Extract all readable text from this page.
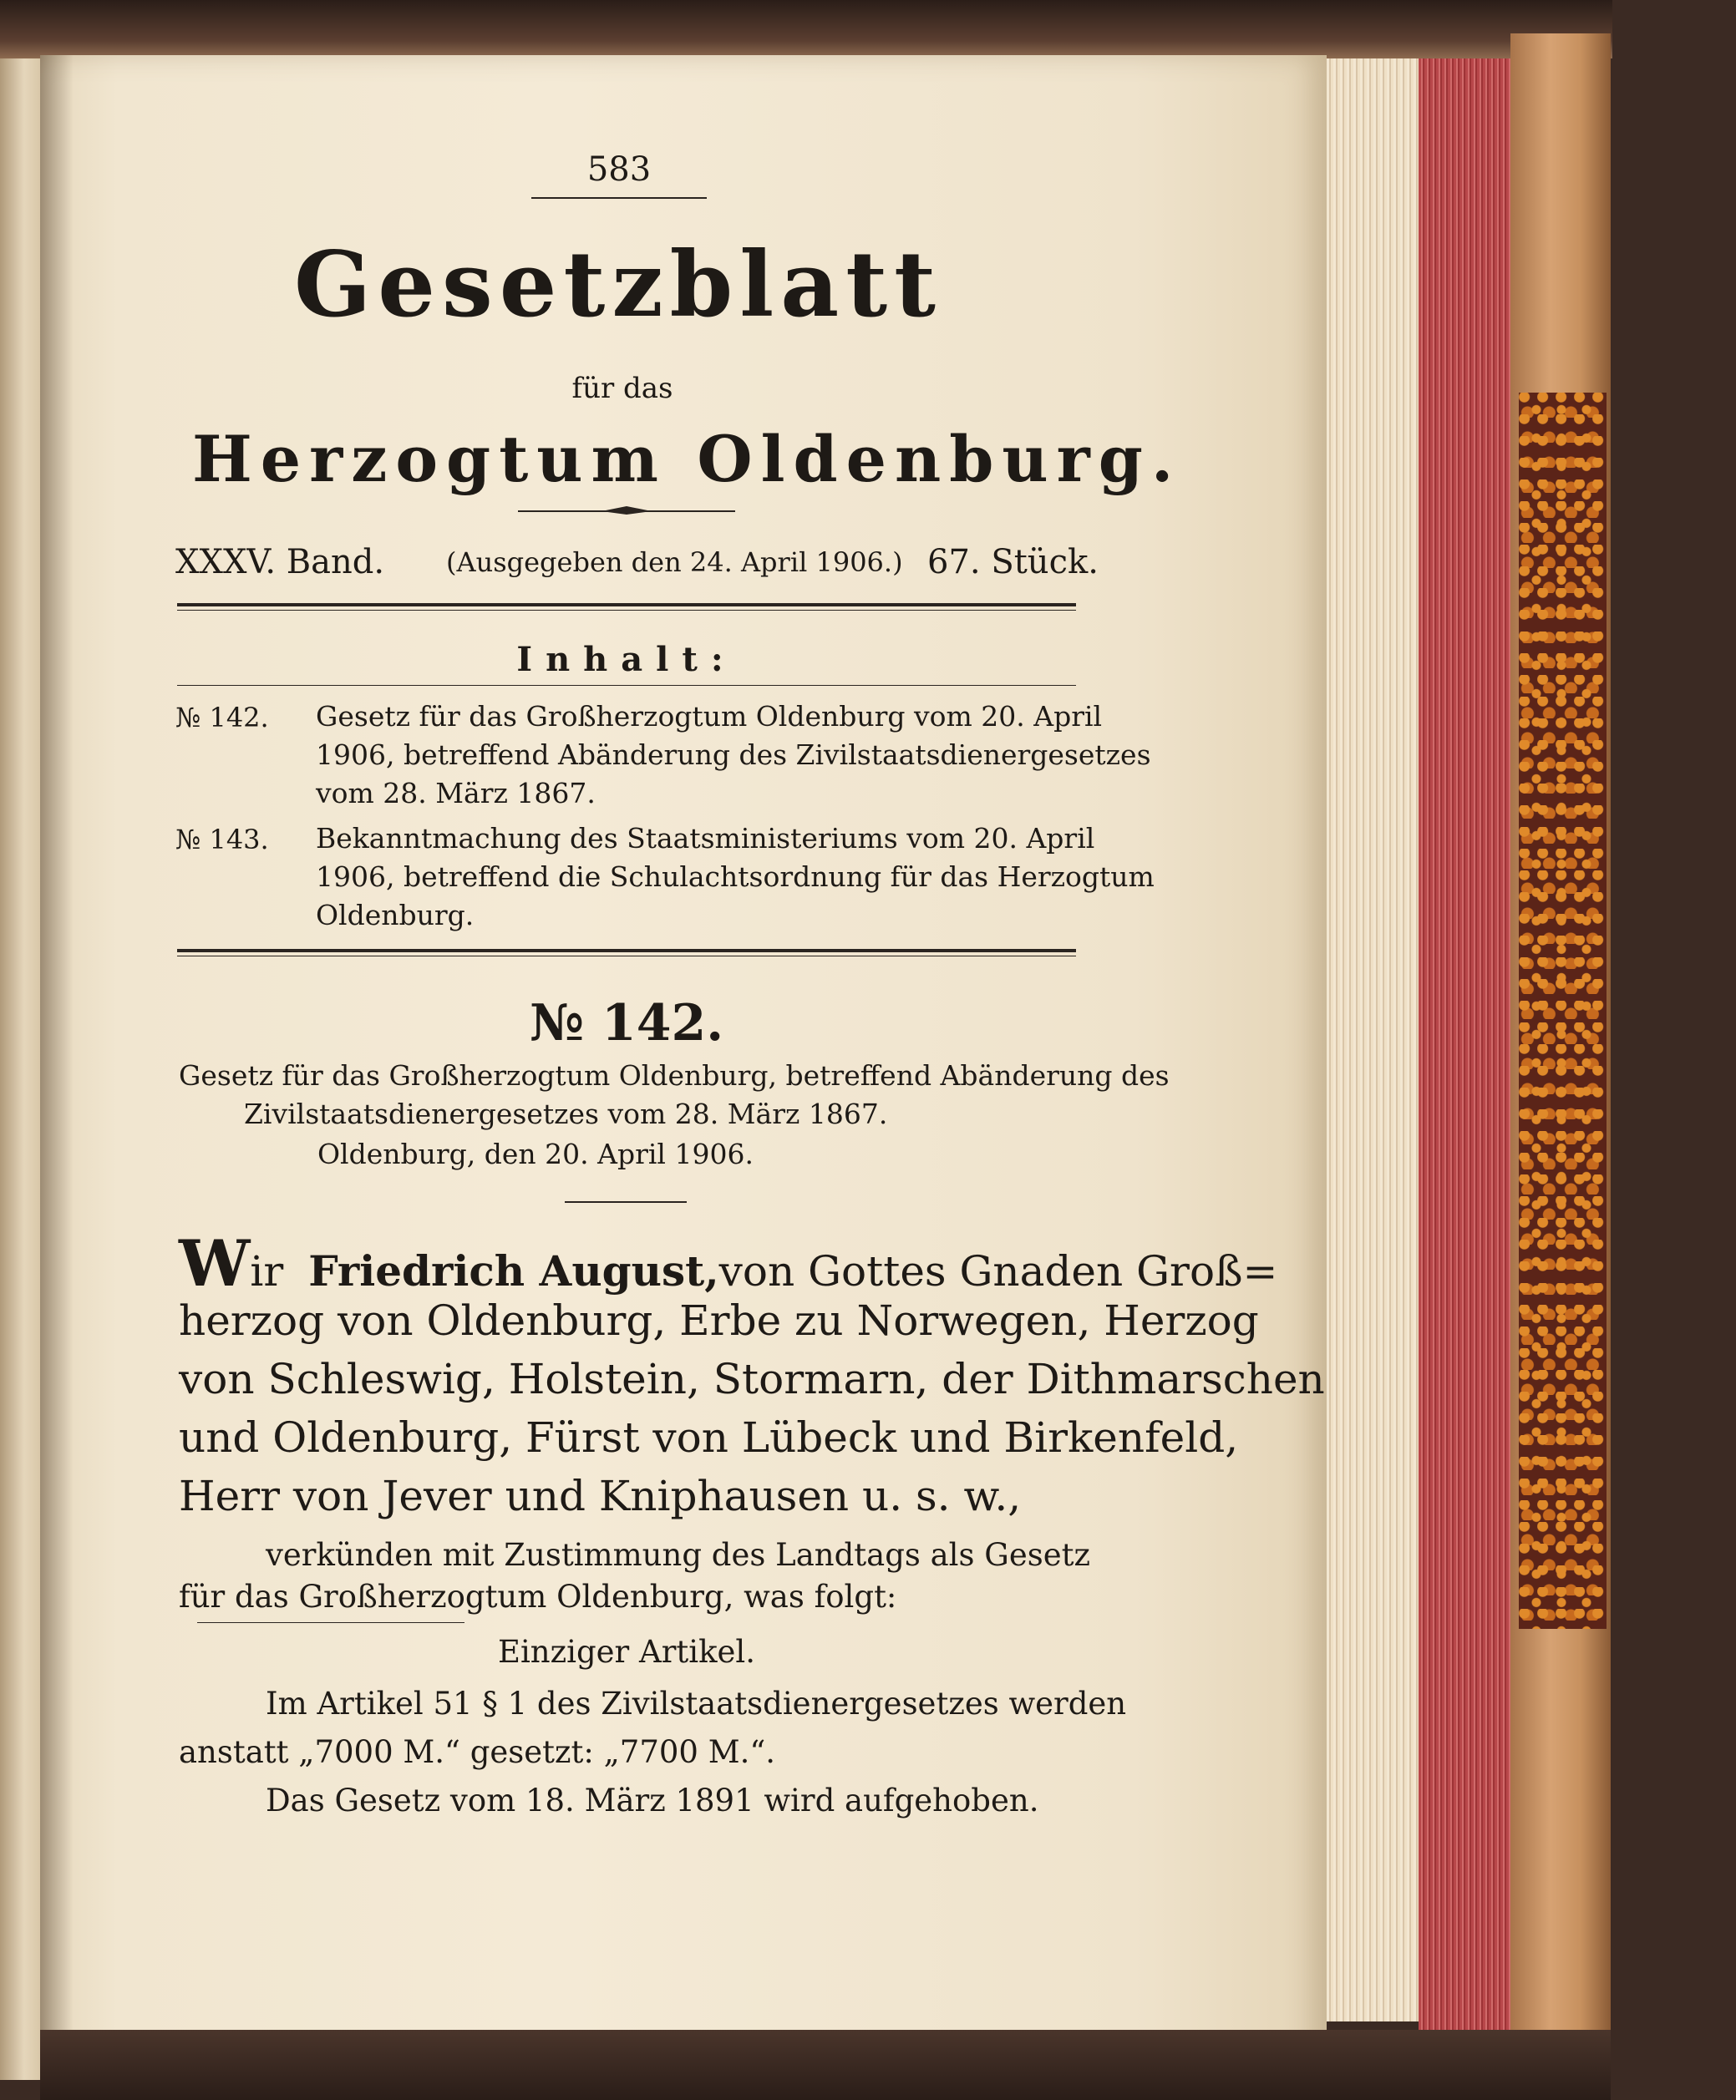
583
Gesetzblatt
für das
Herzogtum Oldenburg.
XXXV. Band. (Ausgegeben den 24. April 1906.) 67. Stück.
Inhalt:
№ 142. Gesetz für das Großherzogtum Oldenburg vom 20. April
1906, betreffend Abänderung des Zivilstaatsdienergesetzes
vom 28. März 1867.
№ 143. Bekanntmachung des Staatsministeriums vom 20. April
1906, betreffend die Schulachtsordnung für das Herzogtum
Oldenburg.
№ 142.
Gesetz für das Großherzogtum Oldenburg, betreffend Abänderung des
Zivilstaatsdienergesetzes vom 28. März 1867.
Oldenburg, den 20. April 1906.
W ir Friedrich August, von Gottes Gnaden Groß=
herzog von Oldenburg, Erbe zu Norwegen, Herzog
von Schleswig, Holstein, Stormarn, der Dithmarschen
und Oldenburg, Fürst von Lübeck und Birkenfeld,
Herr von Jever und Kniphausen u. s. w.,
verkünden mit Zustimmung des Landtags als Gesetz
für das Großherzogtum Oldenburg, was folgt:
Einziger Artikel.
Im Artikel 51 § 1 des Zivilstaatsdienergesetzes werden
anstatt „7000 M.“ gesetzt: „7700 M.“.
Das Gesetz vom 18. März 1891 wird aufgehoben.
